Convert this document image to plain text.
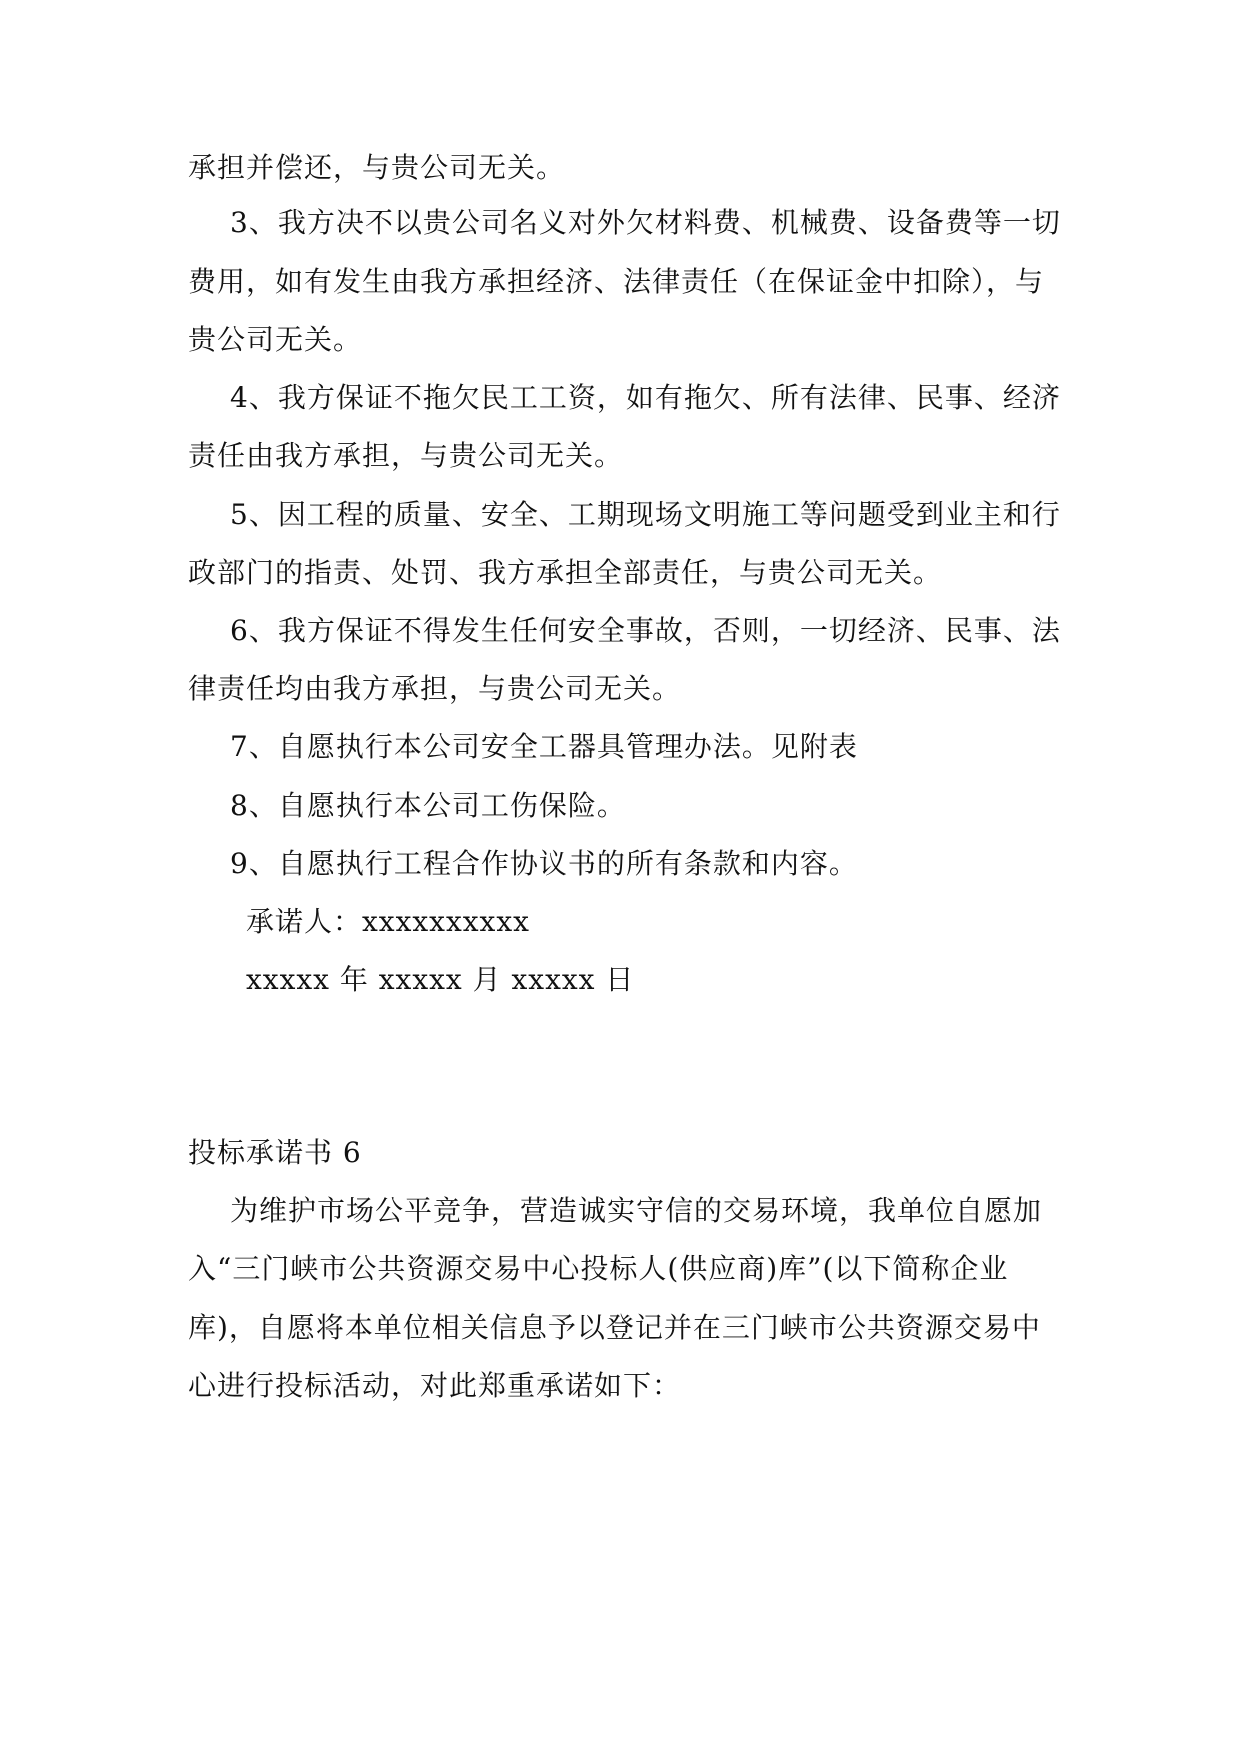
承担并偿还，与贵公司无关。
3、我方决不以贵公司名义对外欠材料费、机械费、设备费等一切
费用，如有发生由我方承担经济、法律责任（在保证金中扣除），与
贵公司无关。
4、我方保证不拖欠民工工资，如有拖欠、所有法律、民事、经济
责任由我方承担，与贵公司无关。
5、因工程的质量、安全、工期现场文明施工等问题受到业主和行
政部门的指责、处罚、我方承担全部责任，与贵公司无关。
6、我方保证不得发生任何安全事故，否则，一切经济、民事、法
律责任均由我方承担，与贵公司无关。
7、自愿执行本公司安全工器具管理办法。见附表
8、自愿执行本公司工伤保险。
9、自愿执行工程合作协议书的所有条款和内容。
承诺人：xxxxxxxxxx
xxxxx 年 xxxxx 月 xxxxx 日
投标承诺书 6
为维护市场公平竞争，营造诚实守信的交易环境，我单位自愿加
入“三门峡市公共资源交易中心投标人(供应商)库”(以下简称企业
库)，自愿将本单位相关信息予以登记并在三门峡市公共资源交易中
心进行投标活动，对此郑重承诺如下：
